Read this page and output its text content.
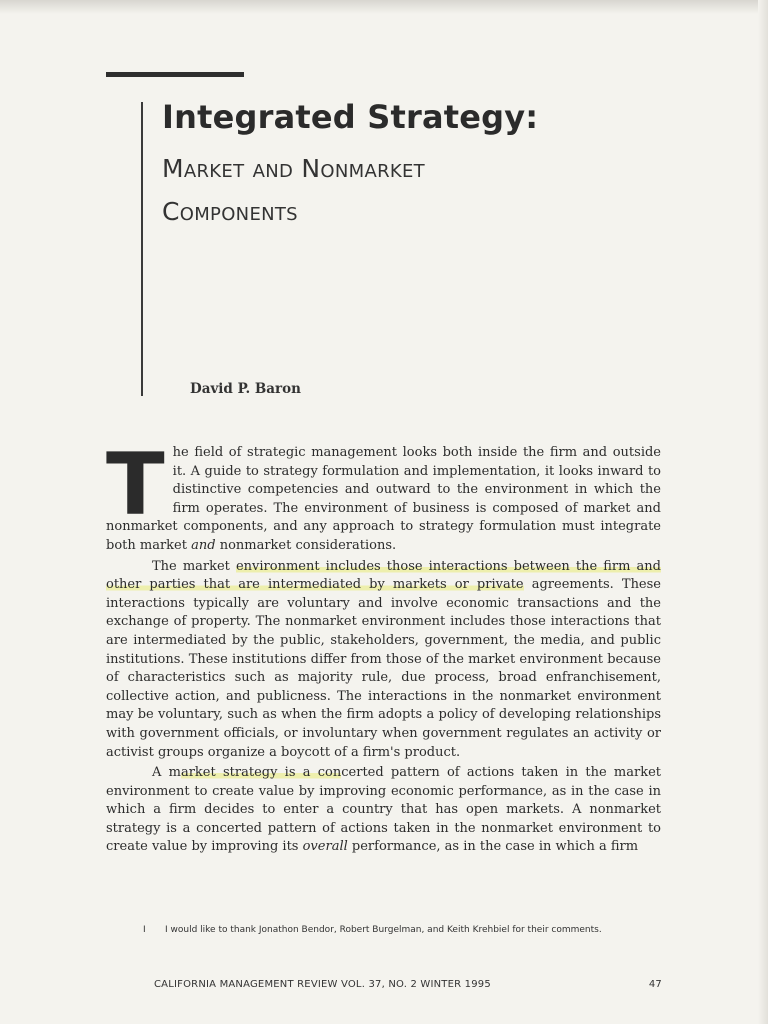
Integrated Strategy:
Market and Nonmarket
Components
David P. Baron

The field of strategic management looks both inside the firm and outside it. A guide to strategy formulation and implementation, it looks inward to distinctive competencies and outward to the environment in which the firm operates. The environment of business is composed of market and nonmarket components, and any approach to strategy formulation must integrate both market and nonmarket considerations.

The market environment includes those interactions between the firm and other parties that are intermediated by markets or private agreements. These interactions typically are voluntary and involve economic transactions and the exchange of property. The nonmarket environment includes those interactions that are intermediated by the public, stakeholders, government, the media, and public institutions. These institutions differ from those of the market environment because of characteristics such as majority rule, due process, broad enfranchisement, collective action, and publicness. The interactions in the nonmarket environment may be voluntary, such as when the firm adopts a policy of developing relationships with government officials, or involuntary when government regulates an activity or activist groups organize a boycott of a firm's product.

A market strategy is a concerted pattern of actions taken in the market environment to create value by improving economic performance, as in the case in which a firm decides to enter a country that has open markets. A nonmarket strategy is a concerted pattern of actions taken in the nonmarket environment to create value by improving its overall performance, as in the case in which a firm

I I would like to thank Jonathon Bendor, Robert Burgelman, and Keith Krehbiel for their comments.
CALIFORNIA MANAGEMENT REVIEW VOL. 37, NO. 2 WINTER 1995	47
